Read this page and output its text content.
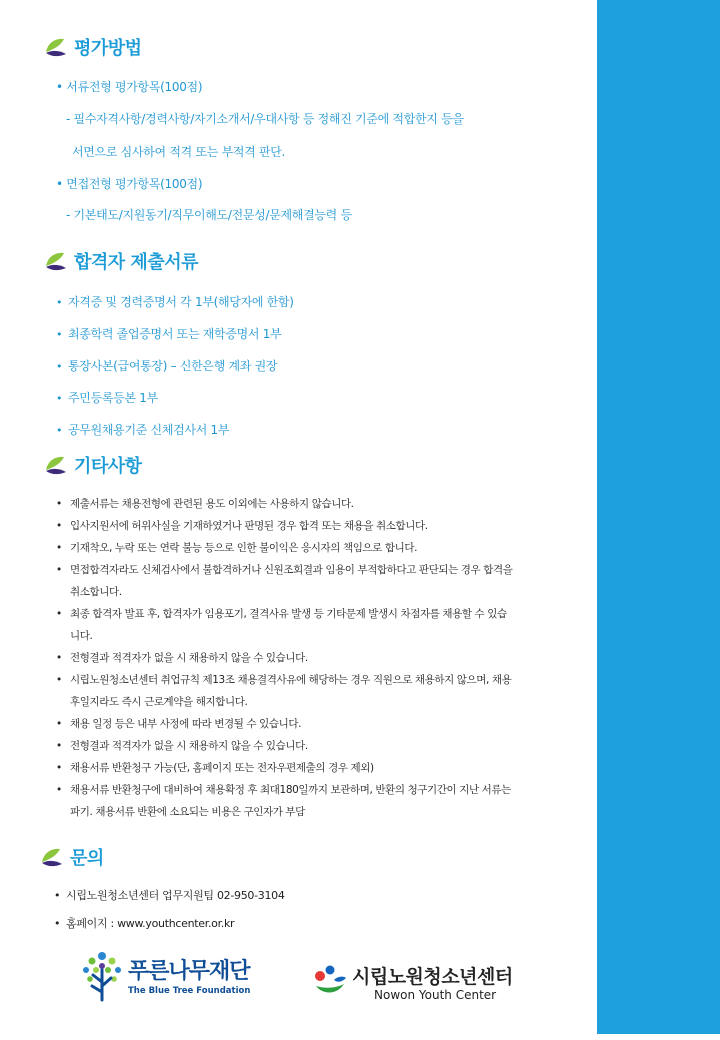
평가방법
• 서류전형 평가항목(100점)
- 필수자격사항/경력사항/자기소개서/우대사항 등 정해진 기준에 적합한지 등을
서면으로 심사하여 적격 또는 부적격 판단.
• 면접전형 평가항목(100점)
- 기본태도/지원동기/직무이해도/전문성/문제해결능력 등
합격자 제출서류
• 자격증 및 경력증명서 각 1부(해당자에 한함)
• 최종학력 졸업증명서 또는 재학증명서 1부
• 통장사본(급여통장) – 신한은행 계좌 권장
• 주민등록등본 1부
• 공무원채용기준 신체검사서 1부
기타사항
• 제출서류는 채용전형에 관련된 용도 이외에는 사용하지 않습니다.
• 입사지원서에 허위사실을 기재하였거나 판명된 경우 합격 또는 채용을 취소합니다.
• 기재착오, 누락 또는 연락 불능 등으로 인한 불이익은 응시자의 책임으로 합니다.
• 면접합격자라도 신체검사에서 불합격하거나 신원조회결과 임용이 부적합하다고 판단되는 경우 합격을 취소합니다.
• 최종 합격자 발표 후, 합격자가 임용포기, 결격사유 발생 등 기타문제 발생시 차점자를 채용할 수 있습니다.
• 전형결과 적격자가 없을 시 채용하지 않을 수 있습니다.
• 시립노원청소년센터 취업규칙 제13조 채용결격사유에 해당하는 경우 직원으로 채용하지 않으며, 채용 후일지라도 즉시 근로계약을 해지합니다.
• 채용 일정 등은 내부 사정에 따라 변경될 수 있습니다.
• 전형결과 적격자가 없을 시 채용하지 않을 수 있습니다.
• 채용서류 반환청구 가능(단, 홈페이지 또는 전자우편제출의 경우 제외)
• 채용서류 반환청구에 대비하여 채용확정 후 최대180일까지 보관하며, 반환의 청구기간이 지난 서류는 파기. 채용서류 반환에 소요되는 비용은 구인자가 부담
문의
• 시립노원청소년센터 업무지원팀 02-950-3104
• 홈페이지 : www.youthcenter.or.kr
푸른나무재단
The Blue Tree Foundation
시립노원청소년센터
Nowon Youth Center
